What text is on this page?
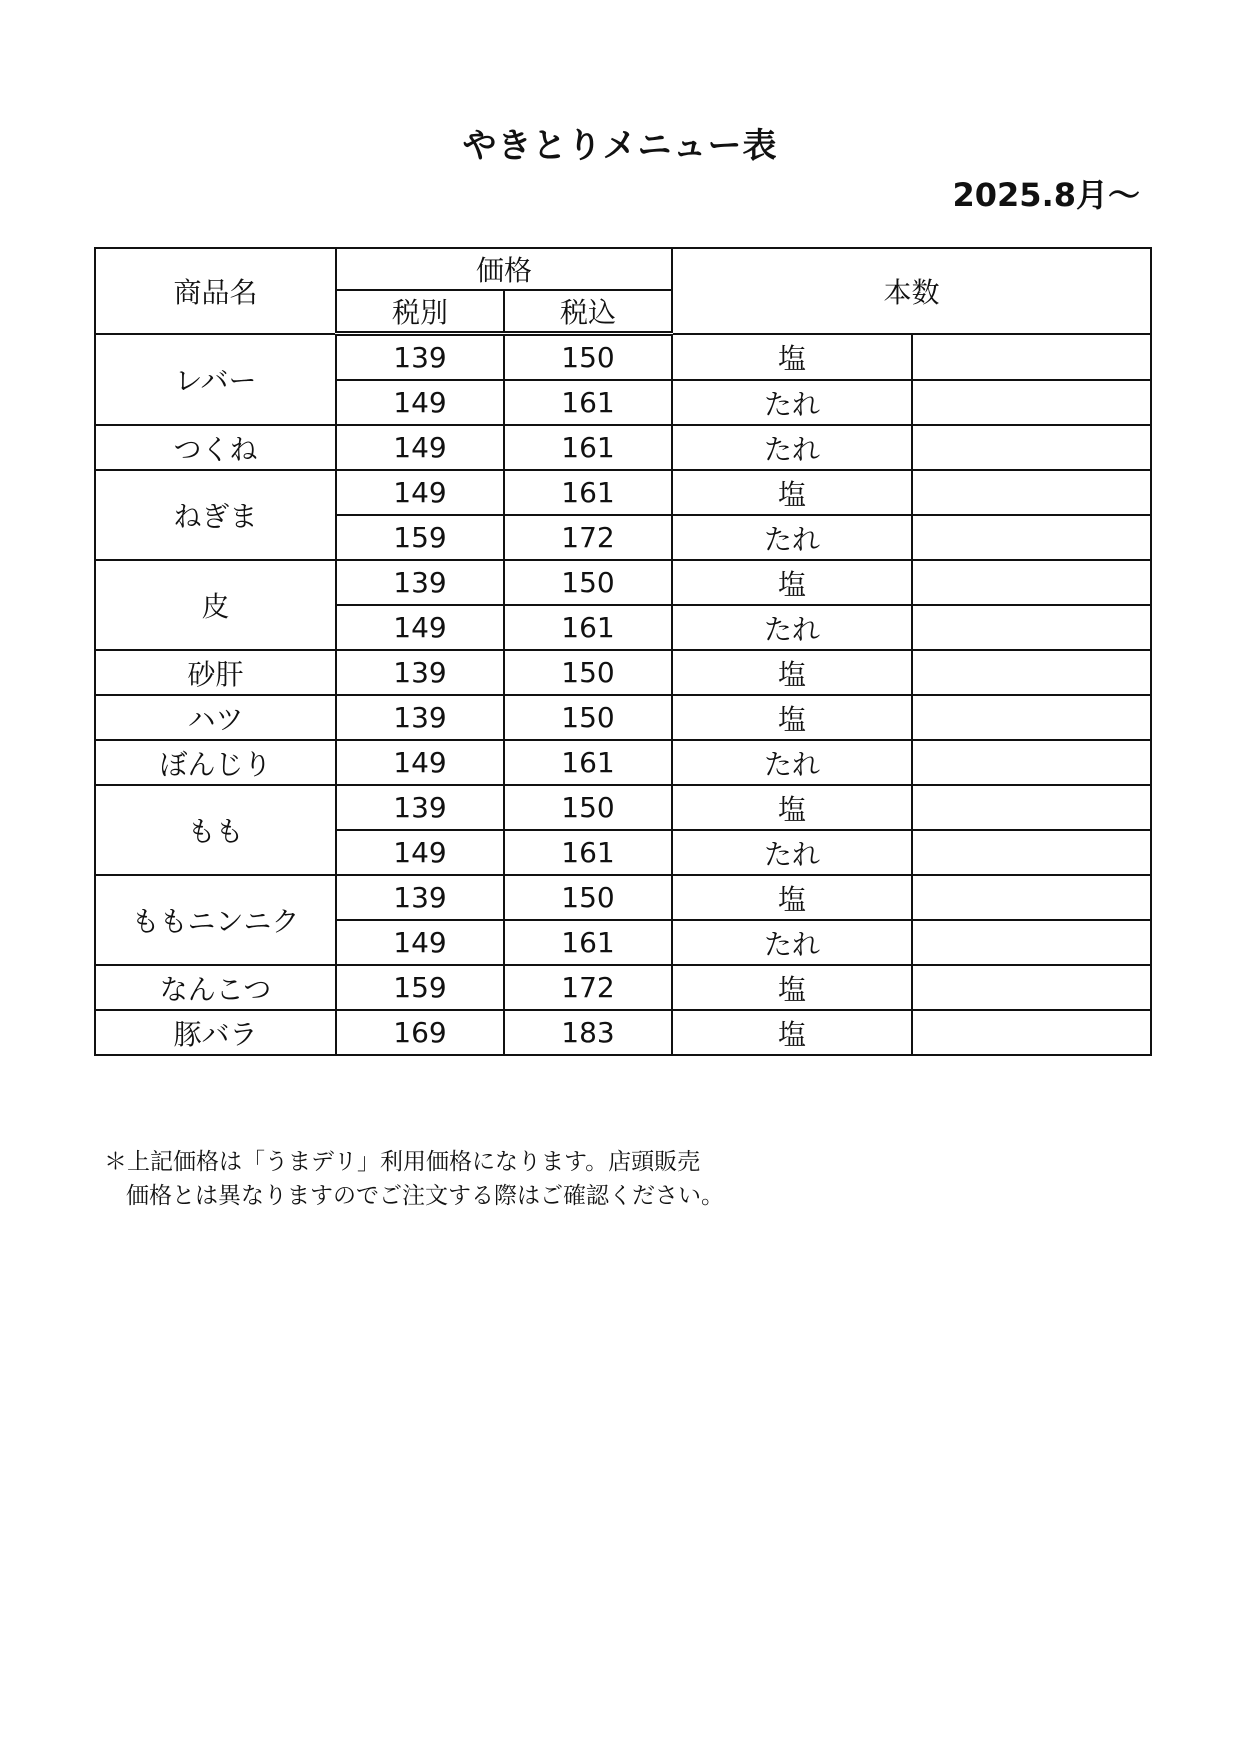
やきとりメニュー表
2025.8月～
商品名	価格		本数	
	税別	税込		
レバー	139	150	塩	
	149	161	たれ	
つくね	149	161	たれ	
ねぎま	149	161	塩	
	159	172	たれ	
皮	139	150	塩	
	149	161	たれ	
砂肝	139	150	塩	
ハツ	139	150	塩	
ぼんじり	149	161	たれ	
もも	139	150	塩	
	149	161	たれ	
ももニンニク	139	150	塩	
	149	161	たれ	
なんこつ	159	172	塩	
豚バラ	169	183	塩	
＊上記価格は「うまデリ」利用価格になります。店頭販売
価格とは異なりますのでご注文する際はご確認ください。
